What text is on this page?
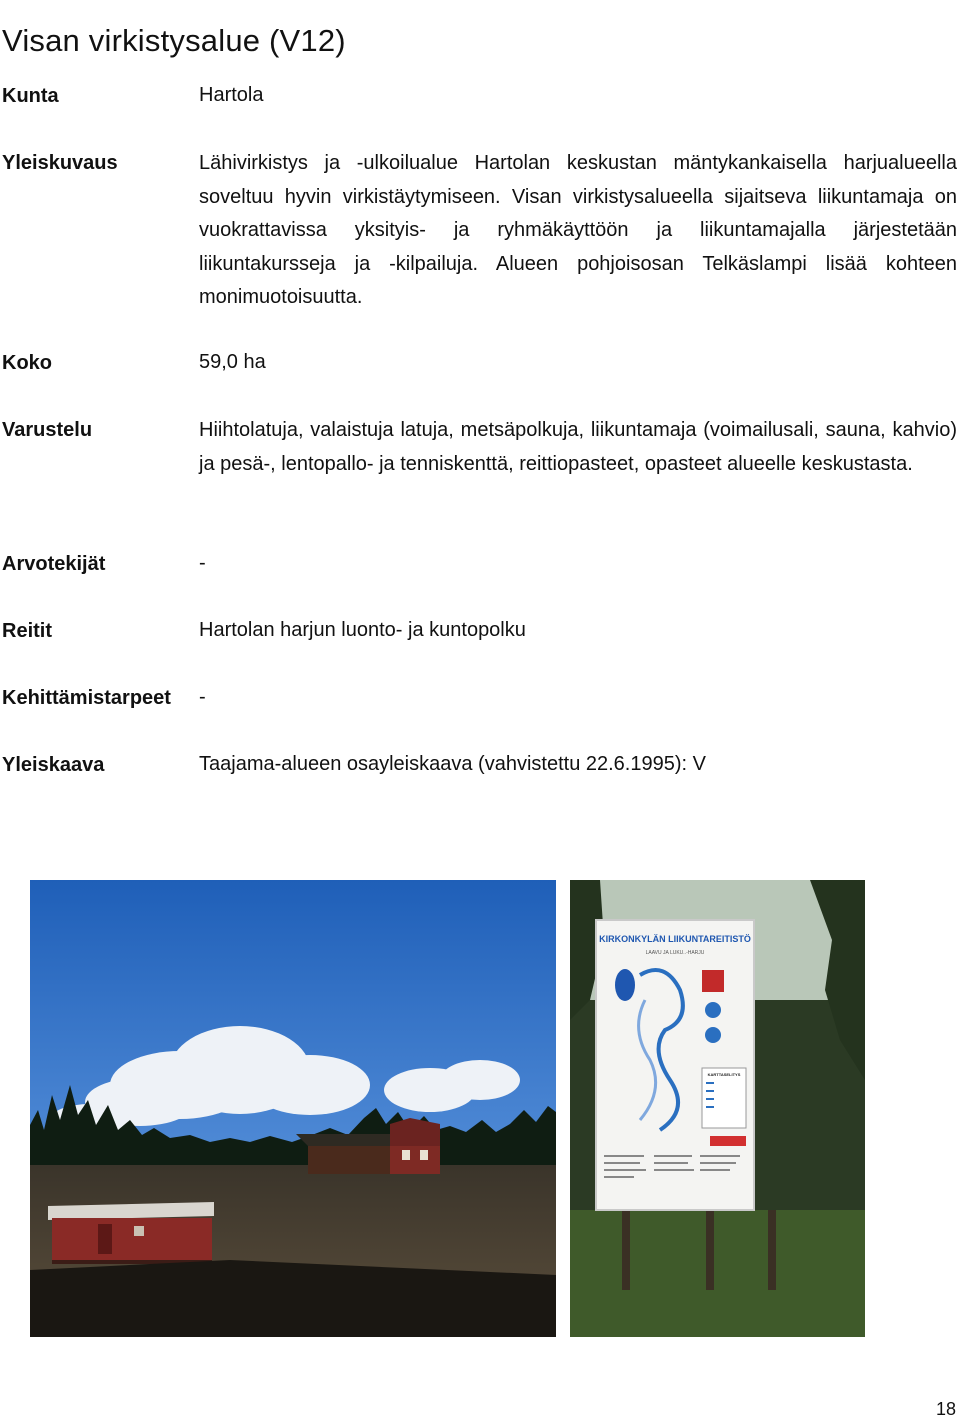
Visan virkistysalue (V12)
Kunta	Hartola
Yleiskuvaus	Lähivirkistys ja -ulkoilualue Hartolan keskustan mäntykankaisella harjualueella soveltuu hyvin virkistäytymiseen. Visan virkistysalueella sijaitseva liikuntamaja on vuokrattavissa yksityis- ja ryhmäkäyttöön ja liikuntamajalla järjestetään liikuntakursseja ja -kilpailuja. Alueen pohjoisosan Telkäslampi lisää kohteen monimuotoisuutta.
Koko	59,0 ha
Varustelu	Hiihtolatuja, valaistuja latuja, metsäpolkuja, liikuntamaja (voimailusali, sauna, kahvio) ja pesä-, lentopallo- ja tenniskenttä, reittiopasteet, opasteet alueelle keskustasta.
Arvotekijät	-
Reitit	Hartolan harjun luonto- ja kuntopolku
Kehittämistarpeet -
Yleiskaava	Taajama-alueen osayleiskaava (vahvistettu 22.6.1995): V
KIRKONKYLÄN LIIKUNTAREITISTÖ
LAAVU JA LUKU..-HARJU
KARTTASELITYS
18
